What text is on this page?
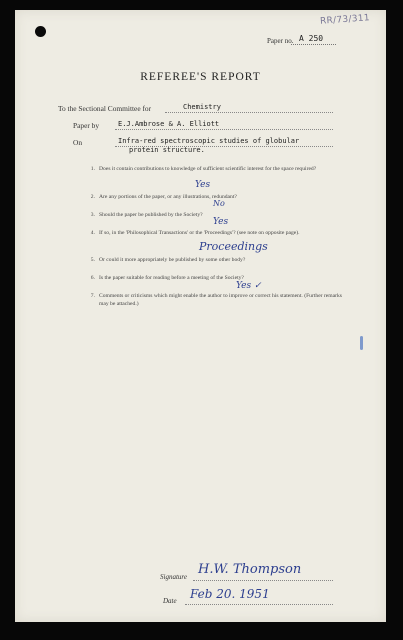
RR/73/311
Paper no. A 250
REFEREE'S REPORT
To the Sectional Committee for	Chemistry
Paper by	E.J.Ambrose & A. Elliott
On	Infra-red spectroscopic studies of globular
protein structure.
1. Does it contain contributions to knowledge of sufficient scientific interest for the space required?
Yes
2. Are any portions of the paper, or any illustrations, redundant?
No
3. Should the paper be published by the Society?
Yes
4. If so, in the 'Philosophical Transactions' or the 'Proceedings'? (see note on opposite page).
Proceedings
5. Or could it more appropriately be published by some other body?
6. Is the paper suitable for reading before a meeting of the Society?
Yes ✓
7. Comments or criticisms which might enable the author to improve or correct his statement. (Further remarks may be attached.)
Signature H.W. Thompson
Date Feb 20. 1951
